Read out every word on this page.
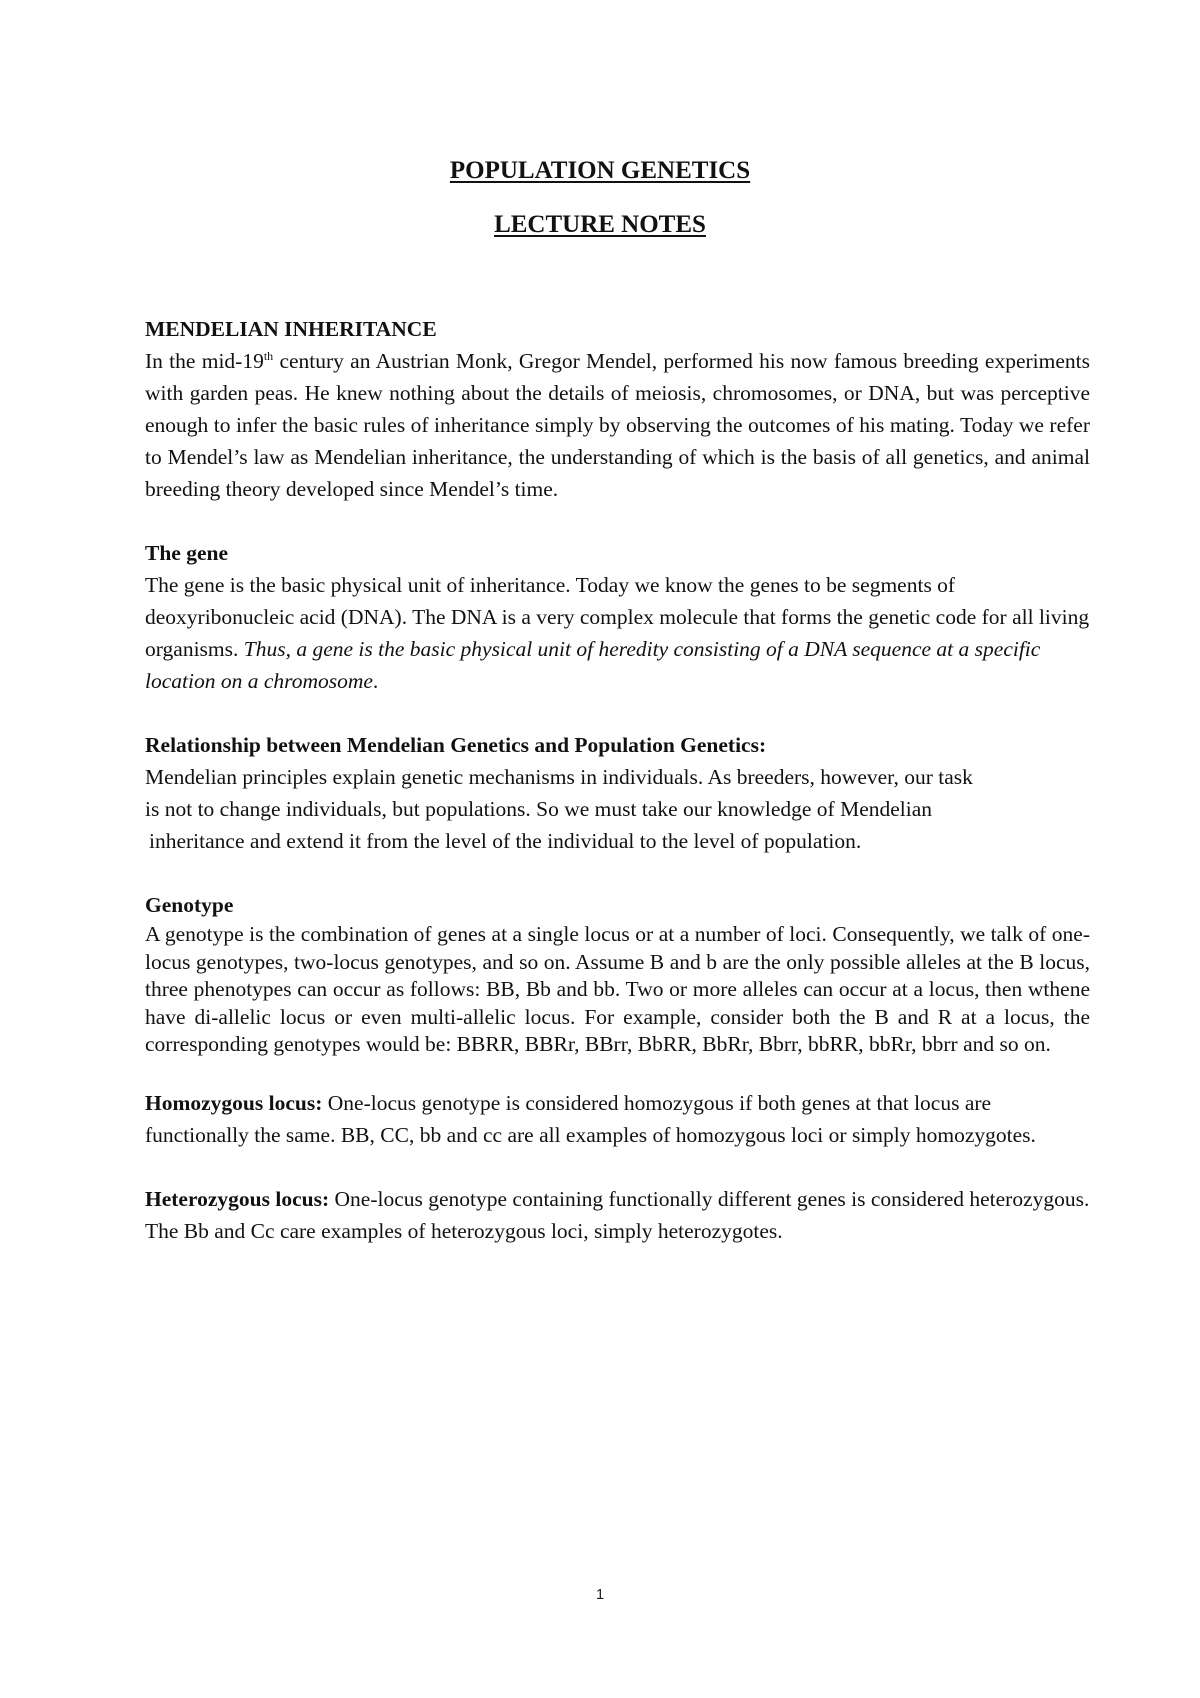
POPULATION GENETICS
LECTURE NOTES
MENDELIAN INHERITANCE

In the mid-19th century an Austrian Monk, Gregor Mendel, performed his now famous breeding experiments with garden peas. He knew nothing about the details of meiosis, chromosomes, or DNA, but was perceptive enough to infer the basic rules of inheritance simply by observing the outcomes of his mating. Today we refer to Mendel’s law as Mendelian inheritance, the understanding of which is the basis of all genetics, and animal breeding theory developed since Mendel’s time.

The gene

The gene is the basic physical unit of inheritance. Today we know the genes to be segments of deoxyribonucleic acid (DNA). The DNA is a very complex molecule that forms the genetic code for all living organisms. Thus, a gene is the basic physical unit of heredity consisting of a DNA sequence at a specific location on a chromosome.

Relationship between Mendelian Genetics and Population Genetics:

Mendelian principles explain genetic mechanisms in individuals. As breeders, however, our task
is not to change individuals, but populations. So we must take our knowledge of Mendelian
inheritance and extend it from the level of the individual to the level of population.

Genotype

A genotype is the combination of genes at a single locus or at a number of loci. Consequently, we talk of one-locus genotypes, two-locus genotypes, and so on. Assume B and b are the only possible alleles at the B locus, three phenotypes can occur as follows: BB, Bb and bb. Two or more alleles can occur at a locus, then wthene have di-allelic locus or even multi-allelic locus. For example, consider both the B and R at a locus, the corresponding genotypes would be: BBRR, BBRr, BBrr, BbRR, BbRr, Bbrr, bbRR, bbRr, bbrr and so on.

Homozygous locus: One-locus genotype is considered homozygous if both genes at that locus are functionally the same. BB, CC, bb and cc are all examples of homozygous loci or simply homozygotes.

Heterozygous locus: One-locus genotype containing functionally different genes is considered heterozygous. The Bb and Cc care examples of heterozygous loci, simply heterozygotes.

1
